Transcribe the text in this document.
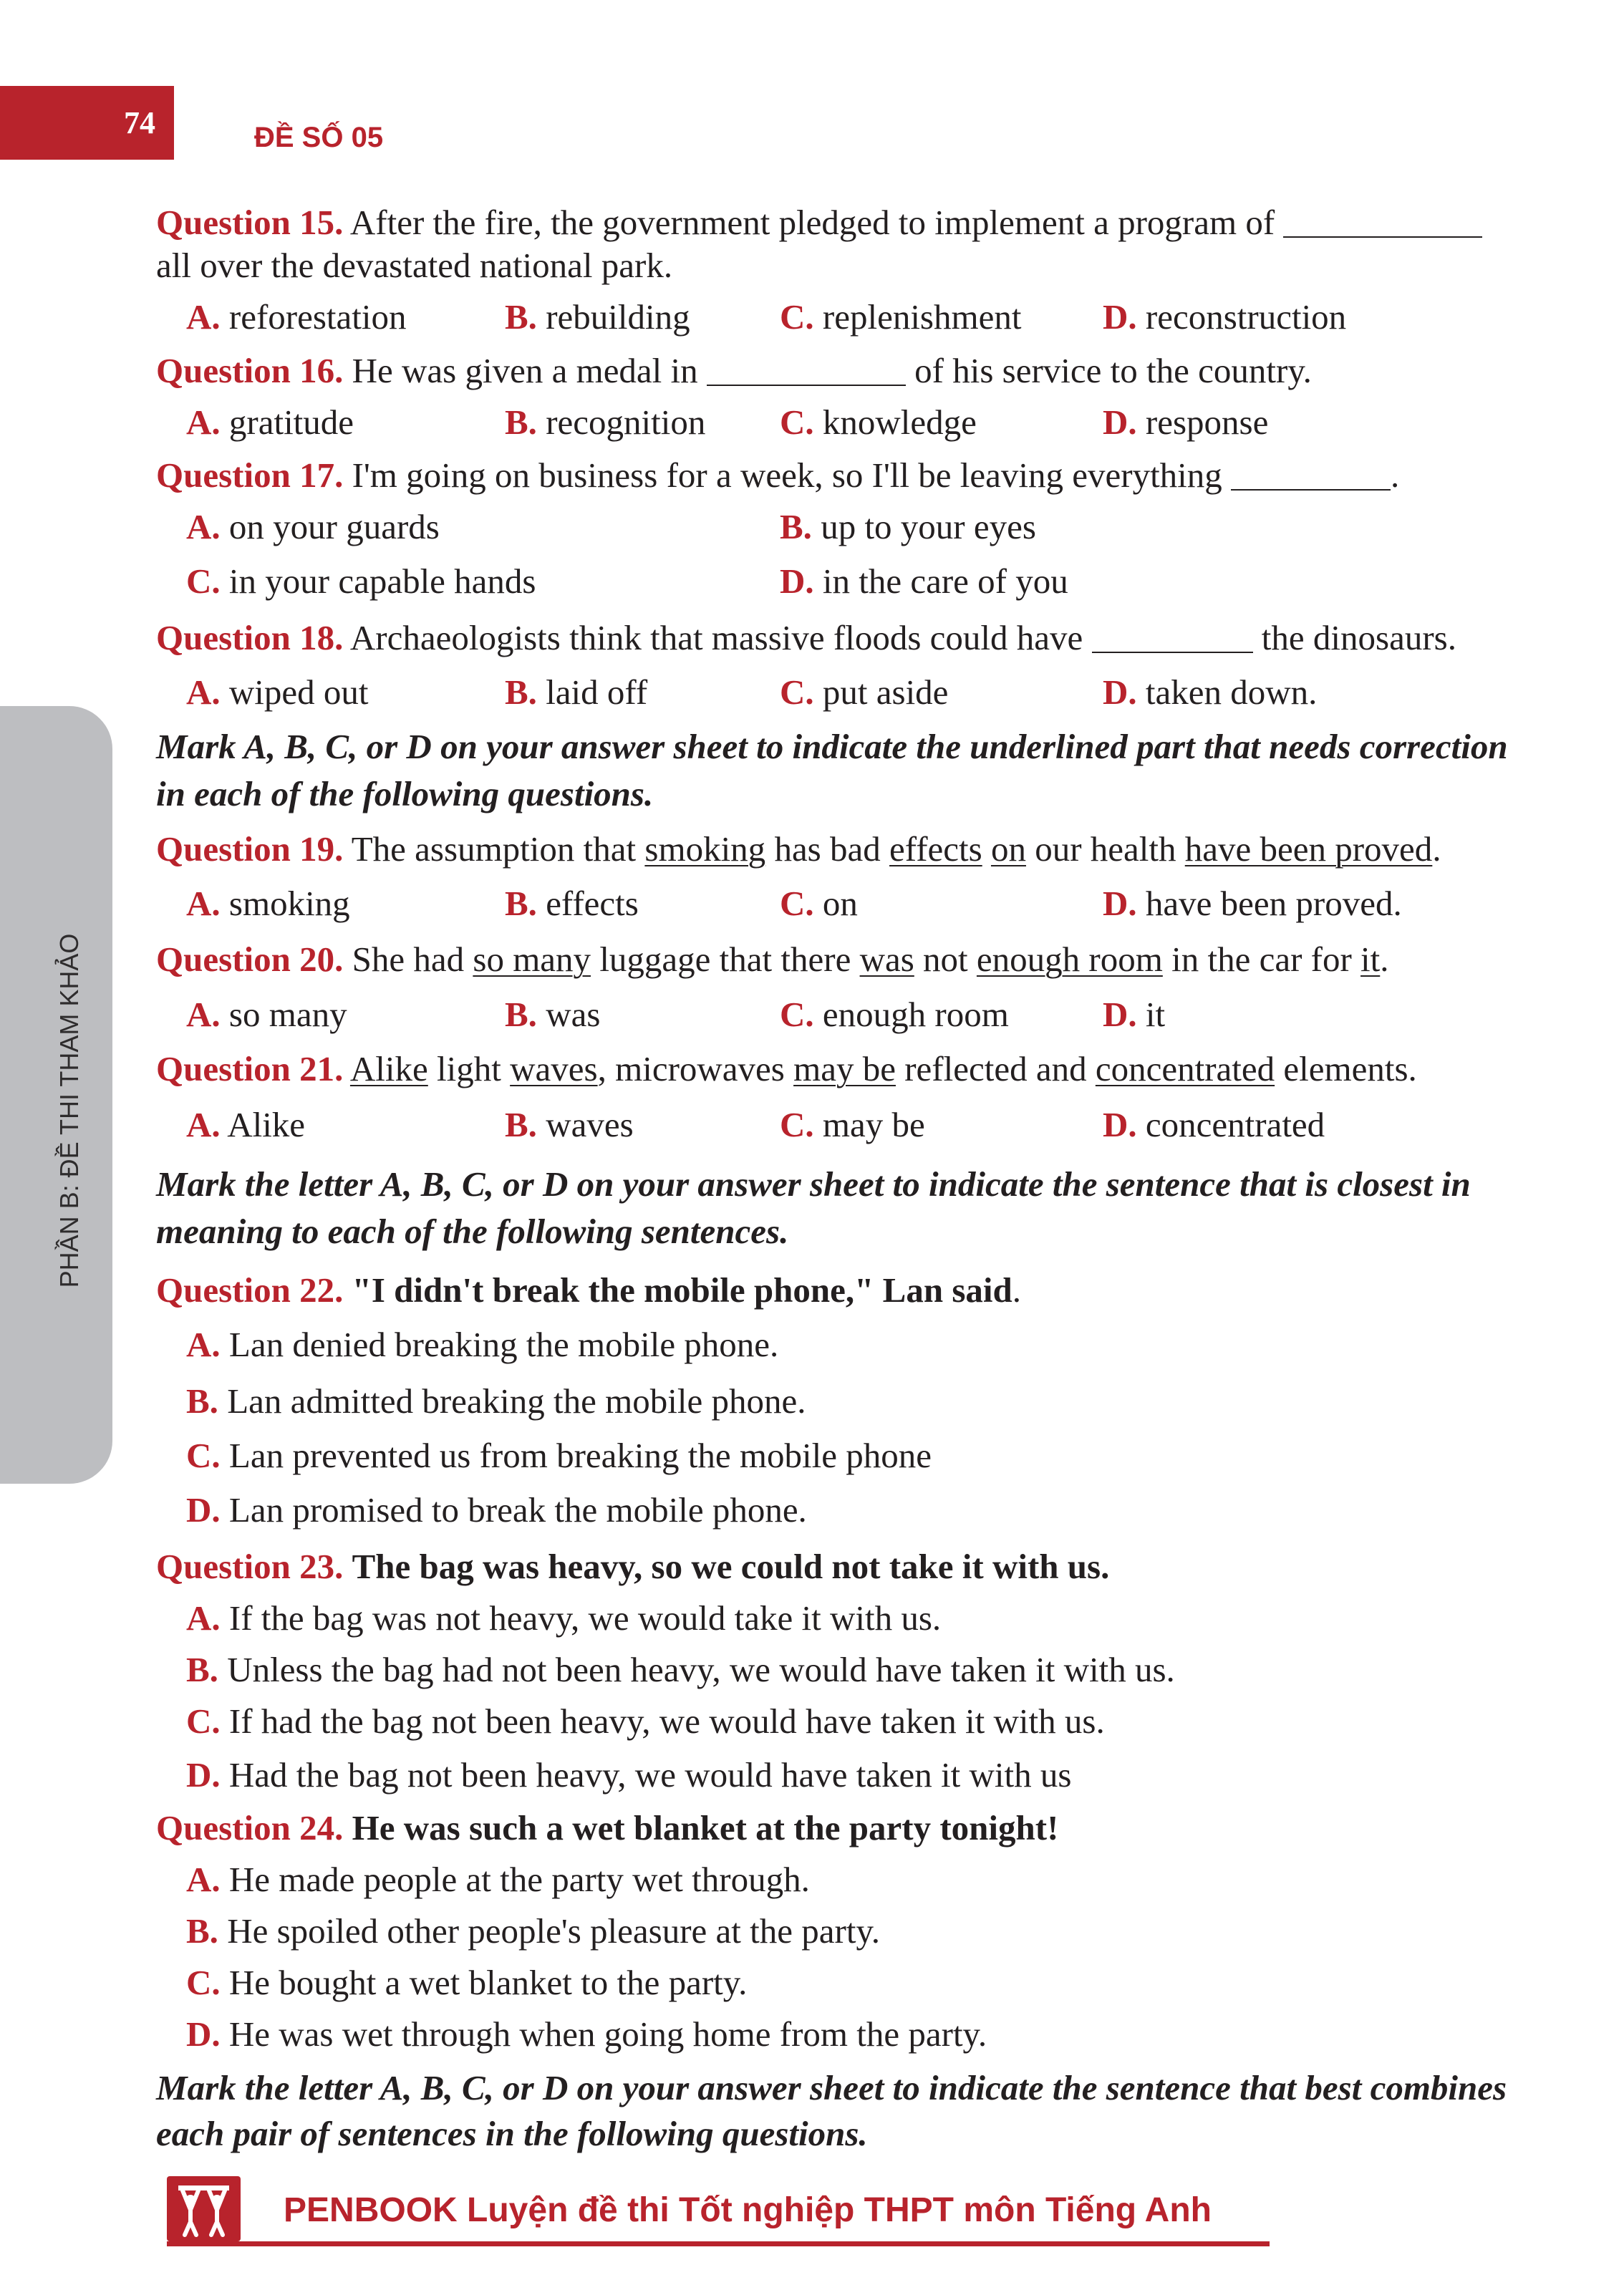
74	ĐỀ SỐ 05
PHẦN B: ĐỀ THI THAM KHẢO
Question 15. After the fire, the government pledged to implement a program of
all over the devastated national park.
A. reforestation	B. rebuilding	C. replenishment D. reconstruction
Question 16. He was given a medal in	of his service to the country.
A. gratitude	B. recognition C. knowledge	D. response
Question 17. I'm going on business for a week, so I'll be leaving everything	.
A. on your guards	B. up to your eyes
C. in your capable hands	D. in the care of you
Question 18. Archaeologists think that massive floods could have	the dinosaurs.
A. wiped out	B. laid off	C. put aside	D. taken down.
Mark A, B, C, or D on your answer sheet to indicate the underlined part that needs correction
in each of the following questions.
Question 19. The assumption that smoking has bad effects on our health have been proved.
A. smoking	B. effects	C. on	D. have been proved.
Question 20. She had so many luggage that there was not enough room in the car for it.
A. so many	B. was	C. enough room	D. it
Question 21. Alike light waves, microwaves may be reflected and concentrated elements.
A. Alike	B. waves	C. may be	D. concentrated
Mark the letter A, B, C, or D on your answer sheet to indicate the sentence that is closest in
meaning to each of the following sentences.
Question 22. "I didn't break the mobile phone," Lan said.
A. Lan denied breaking the mobile phone.
B. Lan admitted breaking the mobile phone.
C. Lan prevented us from breaking the mobile phone
D. Lan promised to break the mobile phone.
Question 23. The bag was heavy, so we could not take it with us.
A. If the bag was not heavy, we would take it with us.
B. Unless the bag had not been heavy, we would have taken it with us.
C. If had the bag not been heavy, we would have taken it with us.
D. Had the bag not been heavy, we would have taken it with us
Question 24. He was such a wet blanket at the party tonight!
A. He made people at the party wet through.
B. He spoiled other people's pleasure at the party.
C. He bought a wet blanket to the party.
D. He was wet through when going home from the party.
Mark the letter A, B, C, or D on your answer sheet to indicate the sentence that best combines
each pair of sentences in the following questions.
PENBOOK Luyện đề thi Tốt nghiệp THPT môn Tiếng Anh
